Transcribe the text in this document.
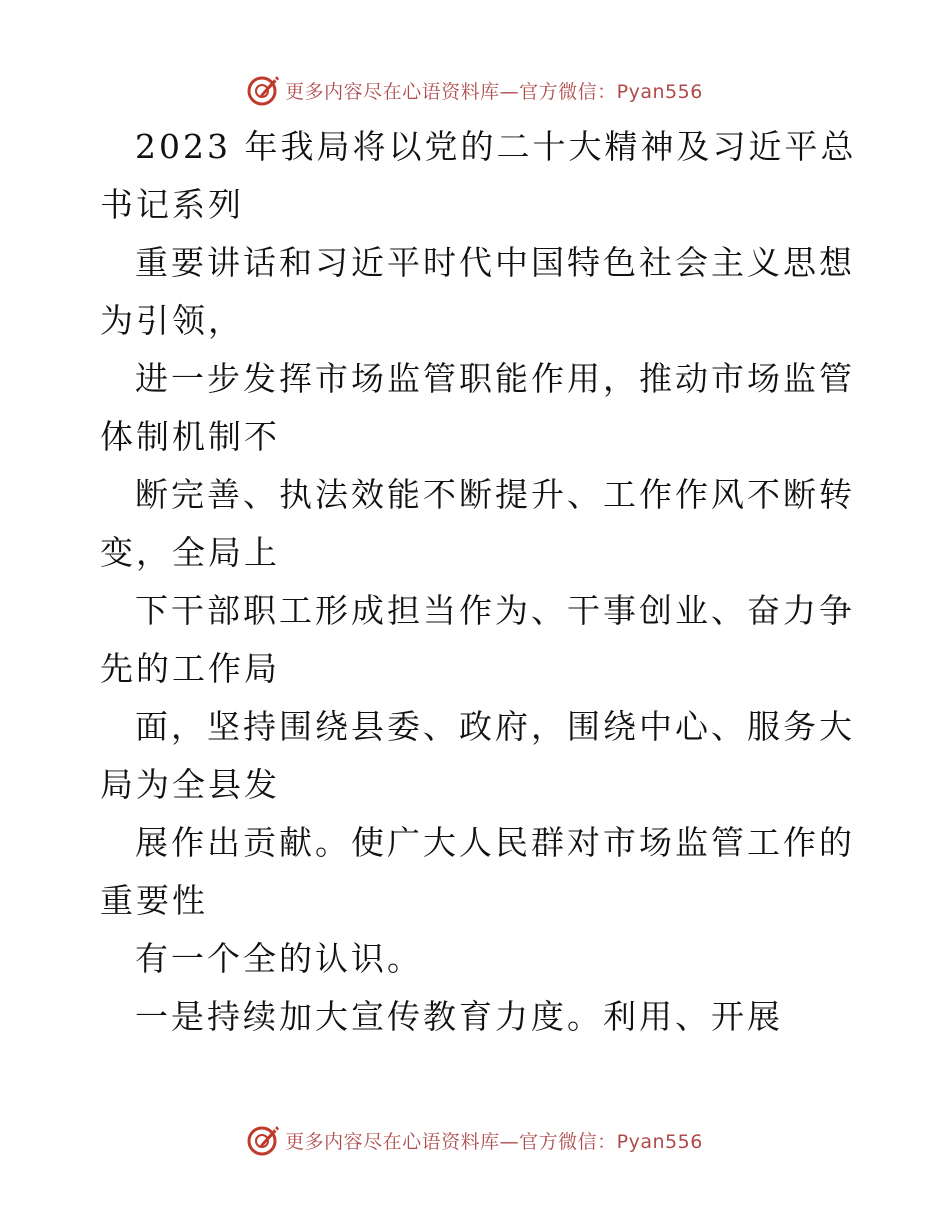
更多内容尽在心语资料库—官方微信：Pyan556

2023 年我局将以党的二十大精神及习近平总书记系列

重要讲话和习近平时代中国特色社会主义思想为引领，

进一步发挥市场监管职能作用，推动市场监管体制机制不

断完善、执法效能不断提升、工作作风不断转变，全局上

下干部职工形成担当作为、干事创业、奋力争先的工作局

面，坚持围绕县委、政府，围绕中心、服务大局为全县发

展作出贡献。使广大人民群对市场监管工作的重要性

有一个全的认识。

一是持续加大宣传教育力度。利用、开展

更多内容尽在心语资料库—官方微信：Pyan556
